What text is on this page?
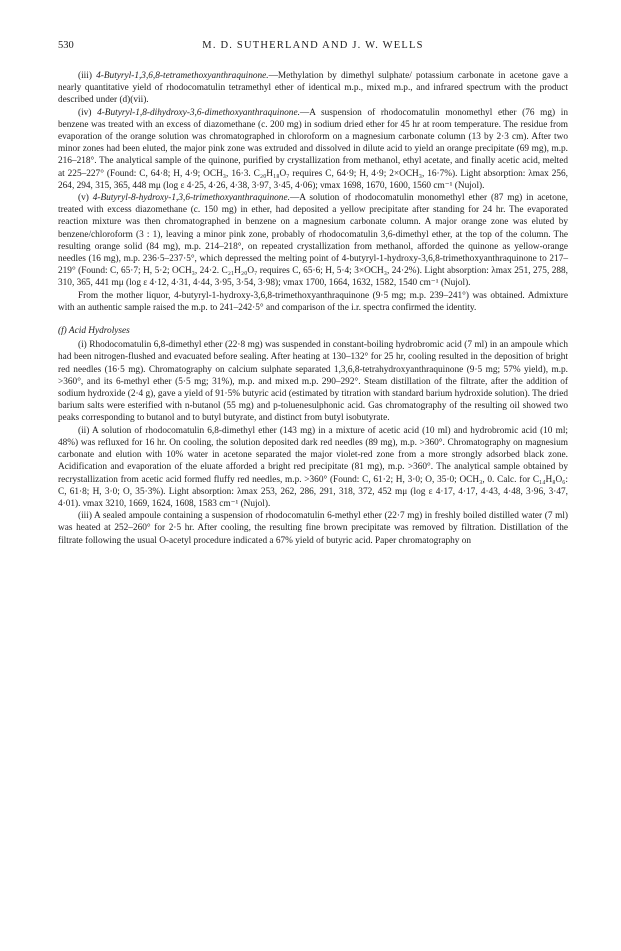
530	M. D. SUTHERLAND AND J. W. WELLS

(iii) 4-Butyryl-1,3,6,8-tetramethoxyanthraquinone.—Methylation by dimethyl sulphate/ potassium carbonate in acetone gave a nearly quantitative yield of rhodocomatulin tetramethyl ether of identical m.p., mixed m.p., and infrared spectrum with the product described under (d)(vii).

(iv) 4-Butyryl-1,8-dihydroxy-3,6-dimethoxyanthraquinone.—A suspension of rhodocomatulin monomethyl ether (76 mg) in benzene was treated with an excess of diazomethane (c. 200 mg) in sodium dried ether for 45 hr at room temperature. The residue from evaporation of the orange solution was chromatographed in chloroform on a magnesium carbonate column (13 by 2·3 cm). After two minor zones had been eluted, the major pink zone was extruded and dissolved in dilute acid to yield an orange precipitate (69 mg), m.p. 216–218°. The analytical sample of the quinone, purified by crystallization from methanol, ethyl acetate, and finally acetic acid, melted at 225–227° (Found: C, 64·8; H, 4·9; OCH₃, 16·3. C₂₀H₁₈O₇ requires C, 64·9; H, 4·9; 2×OCH₃, 16·7%). Light absorption: λmax 256, 264, 294, 315, 365, 448 mμ (log ε 4·25, 4·26, 4·38, 3·97, 3·45, 4·06); νmax 1698, 1670, 1600, 1560 cm⁻¹ (Nujol).

(v) 4-Butyryl-8-hydroxy-1,3,6-trimethoxyanthraquinone.—A solution of rhodocomatulin monomethyl ether (87 mg) in acetone, treated with excess diazomethane (c. 150 mg) in ether, had deposited a yellow precipitate after standing for 24 hr. The evaporated reaction mixture was then chromatographed in benzene on a magnesium carbonate column. A major orange zone was eluted by benzene/chloroform (3 : 1), leaving a minor pink zone, probably of rhodocomatulin 3,6-dimethyl ether, at the top of the column. The resulting orange solid (84 mg), m.p. 214–218°, on repeated crystallization from methanol, afforded the quinone as yellow-orange needles (16 mg), m.p. 236·5–237·5°, which depressed the melting point of 4-butyryl-1-hydroxy-3,6,8-trimethoxyanthraquinone to 217–219° (Found: C, 65·7; H, 5·2; OCH₃, 24·2. C₂₁H₂₀O₇ requires C, 65·6; H, 5·4; 3×OCH₃, 24·2%). Light absorption: λmax 251, 275, 288, 310, 365, 441 mμ (log ε 4·12, 4·31, 4·44, 3·95, 3·54, 3·98); νmax 1700, 1664, 1632, 1582, 1540 cm⁻¹ (Nujol).

From the mother liquor, 4-butyryl-1-hydroxy-3,6,8-trimethoxyanthraquinone (9·5 mg; m.p. 239–241°) was obtained. Admixture with an authentic sample raised the m.p. to 241–242·5° and comparison of the i.r. spectra confirmed the identity.

(f) Acid Hydrolyses

(i) Rhodocomatulin 6,8-dimethyl ether (22·8 mg) was suspended in constant-boiling hydrobromic acid (7 ml) in an ampoule which had been nitrogen-flushed and evacuated before sealing. After heating at 130–132° for 25 hr, cooling resulted in the deposition of bright red needles (16·5 mg). Chromatography on calcium sulphate separated 1,3,6,8-tetrahydroxyanthraquinone (9·5 mg; 57% yield), m.p. >360°, and its 6-methyl ether (5·5 mg; 31%), m.p. and mixed m.p. 290–292°. Steam distillation of the filtrate, after the addition of sodium hydroxide (2·4 g), gave a yield of 91·5% butyric acid (estimated by titration with standard barium hydroxide solution). The dried barium salts were esterified with n-butanol (55 mg) and p-toluenesulphonic acid. Gas chromatography of the resulting oil showed two peaks corresponding to butanol and to butyl butyrate, and distinct from butyl isobutyrate.

(ii) A solution of rhodocomatulin 6,8-dimethyl ether (143 mg) in a mixture of acetic acid (10 ml) and hydrobromic acid (10 ml; 48%) was refluxed for 16 hr. On cooling, the solution deposited dark red needles (89 mg), m.p. >360°. Chromatography on magnesium carbonate and elution with 10% water in acetone separated the major violet-red zone from a more strongly adsorbed black zone. Acidification and evaporation of the eluate afforded a bright red precipitate (81 mg), m.p. >360°. The analytical sample obtained by recrystallization from acetic acid formed fluffy red needles, m.p. >360° (Found: C, 61·2; H, 3·0; O, 35·0; OCH₃, 0. Calc. for C₁₄H₈O₆: C, 61·8; H, 3·0; O, 35·3%). Light absorption: λmax 253, 262, 286, 291, 318, 372, 452 mμ (log ε 4·17, 4·17, 4·43, 4·48, 3·96, 3·47, 4·01). νmax 3210, 1669, 1624, 1608, 1583 cm⁻¹ (Nujol).

(iii) A sealed ampoule containing a suspension of rhodocomatulin 6-methyl ether (22·7 mg) in freshly boiled distilled water (7 ml) was heated at 252–260° for 2·5 hr. After cooling, the resulting fine brown precipitate was removed by filtration. Distillation of the filtrate following the usual O-acetyl procedure indicated a 67% yield of butyric acid. Paper chromatography on
